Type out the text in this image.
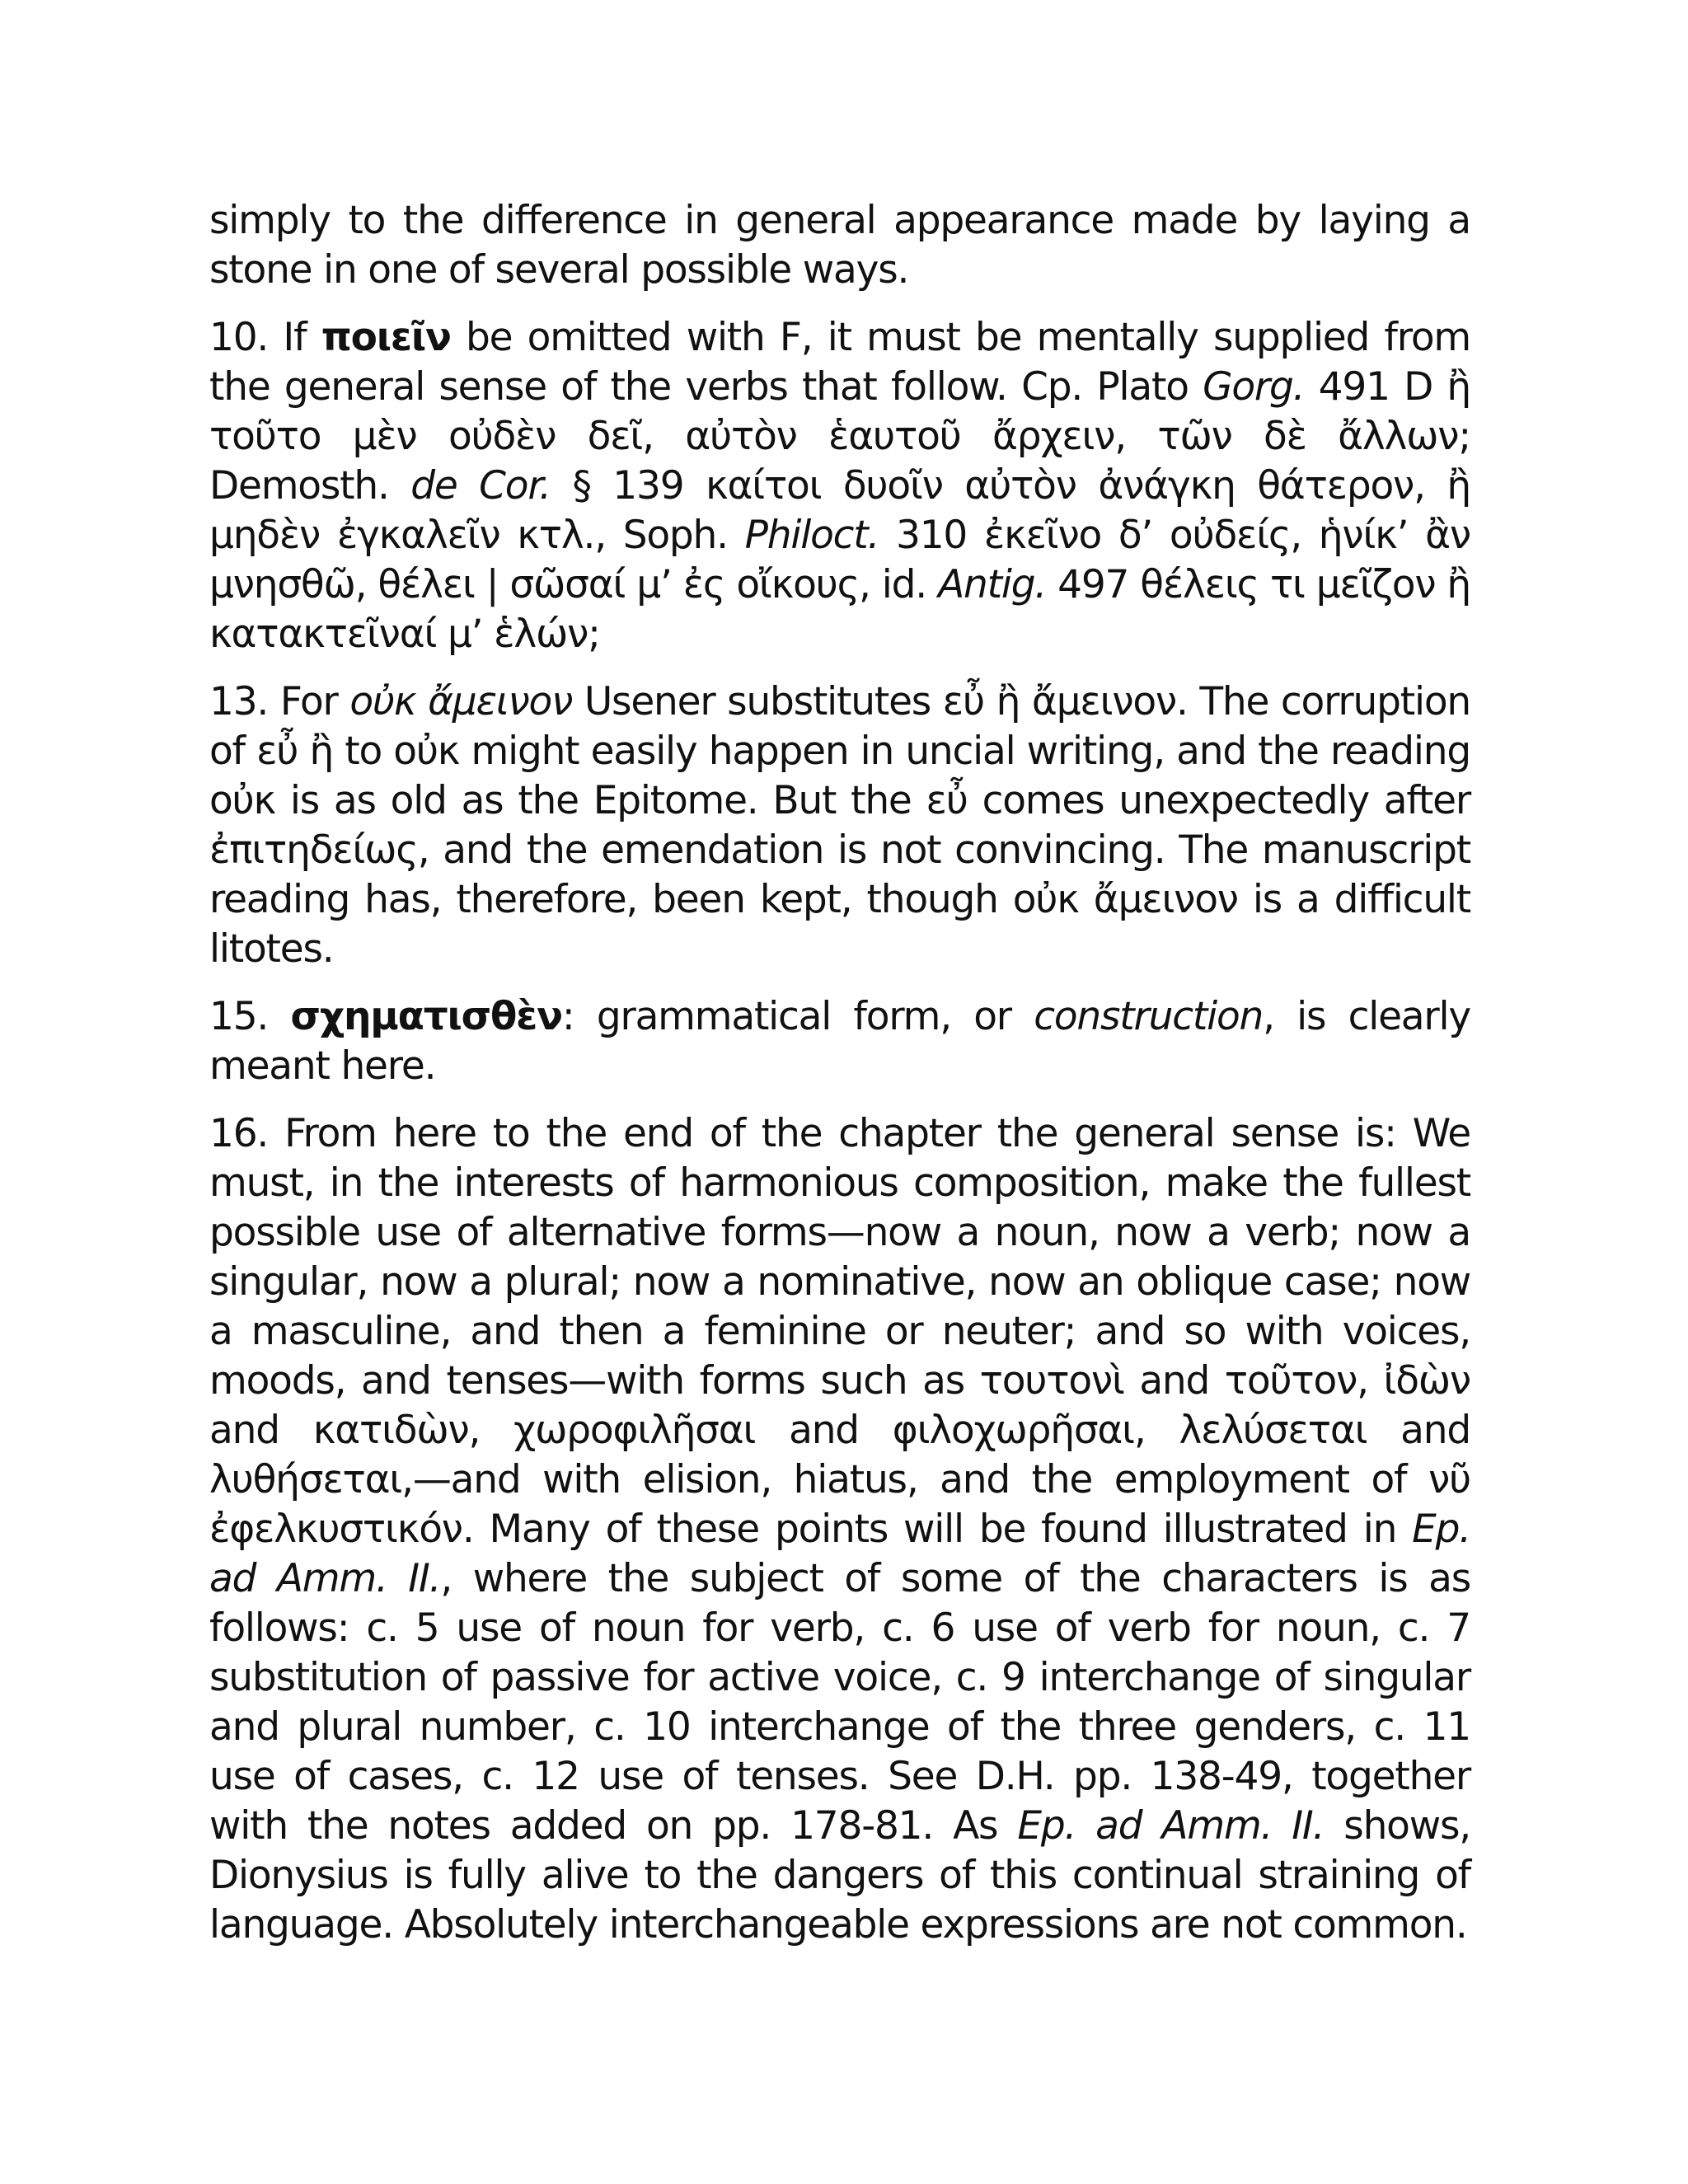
simply to the difference in general appearance made by laying a stone in one of several possible ways.

10. If ποιεῖν be omitted with F, it must be mentally supplied from the general sense of the verbs that follow. Cp. Plato Gorg. 491 D ἢ τοῦτο μὲν οὐδὲν δεῖ, αὐτὸν ἑαυτοῦ ἄρχειν, τῶν δὲ ἄλλων; Demosth. de Cor. § 139 καίτοι δυοῖν αὐτὸν ἀνάγκη θάτερον, ἢ μηδὲν ἐγκαλεῖν κτλ., Soph. Philoct. 310 ἐκεῖνο δ’ οὐδείς, ἡνίκ’ ἂν μνησθῶ, θέλει | σῶσαί μ’ ἐς οἴκους, id. Antig. 497 θέλεις τι μεῖζον ἢ κατακτεῖναί μ’ ἑλών;

13. For οὐκ ἄμεινον Usener substitutes εὖ ἢ ἄμεινον. The corruption of εὖ ἢ to οὐκ might easily happen in uncial writing, and the reading οὐκ is as old as the Epitome. But the εὖ comes unexpectedly after ἐπιτηδείως, and the emendation is not convincing. The manuscript reading has, therefore, been kept, though οὐκ ἄμεινον is a difficult litotes.

15. σχηματισθὲν: grammatical form, or construction, is clearly meant here.

16. From here to the end of the chapter the general sense is: We must, in the interests of harmonious composition, make the fullest possible use of alternative forms—now a noun, now a verb; now a singular, now a plural; now a nominative, now an oblique case; now a masculine, and then a feminine or neuter; and so with voices, moods, and tenses—with forms such as τουτονὶ and τοῦτον, ἰδὼν and κατιδὼν, χωροφιλῆσαι and φιλοχωρῆσαι, λελύσεται and λυθήσεται,—and with elision, hiatus, and the employment of νῦ ἐφελκυστικόν. Many of these points will be found illustrated in Ep. ad Amm. II., where the subject of some of the characters is as follows: c. 5 use of noun for verb, c. 6 use of verb for noun, c. 7 substitution of passive for active voice, c. 9 interchange of singular and plural number, c. 10 interchange of the three genders, c. 11 use of cases, c. 12 use of tenses. See D.H. pp. 138-49, together with the notes added on pp. 178-81. As Ep. ad Amm. II. shows, Dionysius is fully alive to the dangers of this continual straining of language. Absolutely interchangeable expressions are not common.
